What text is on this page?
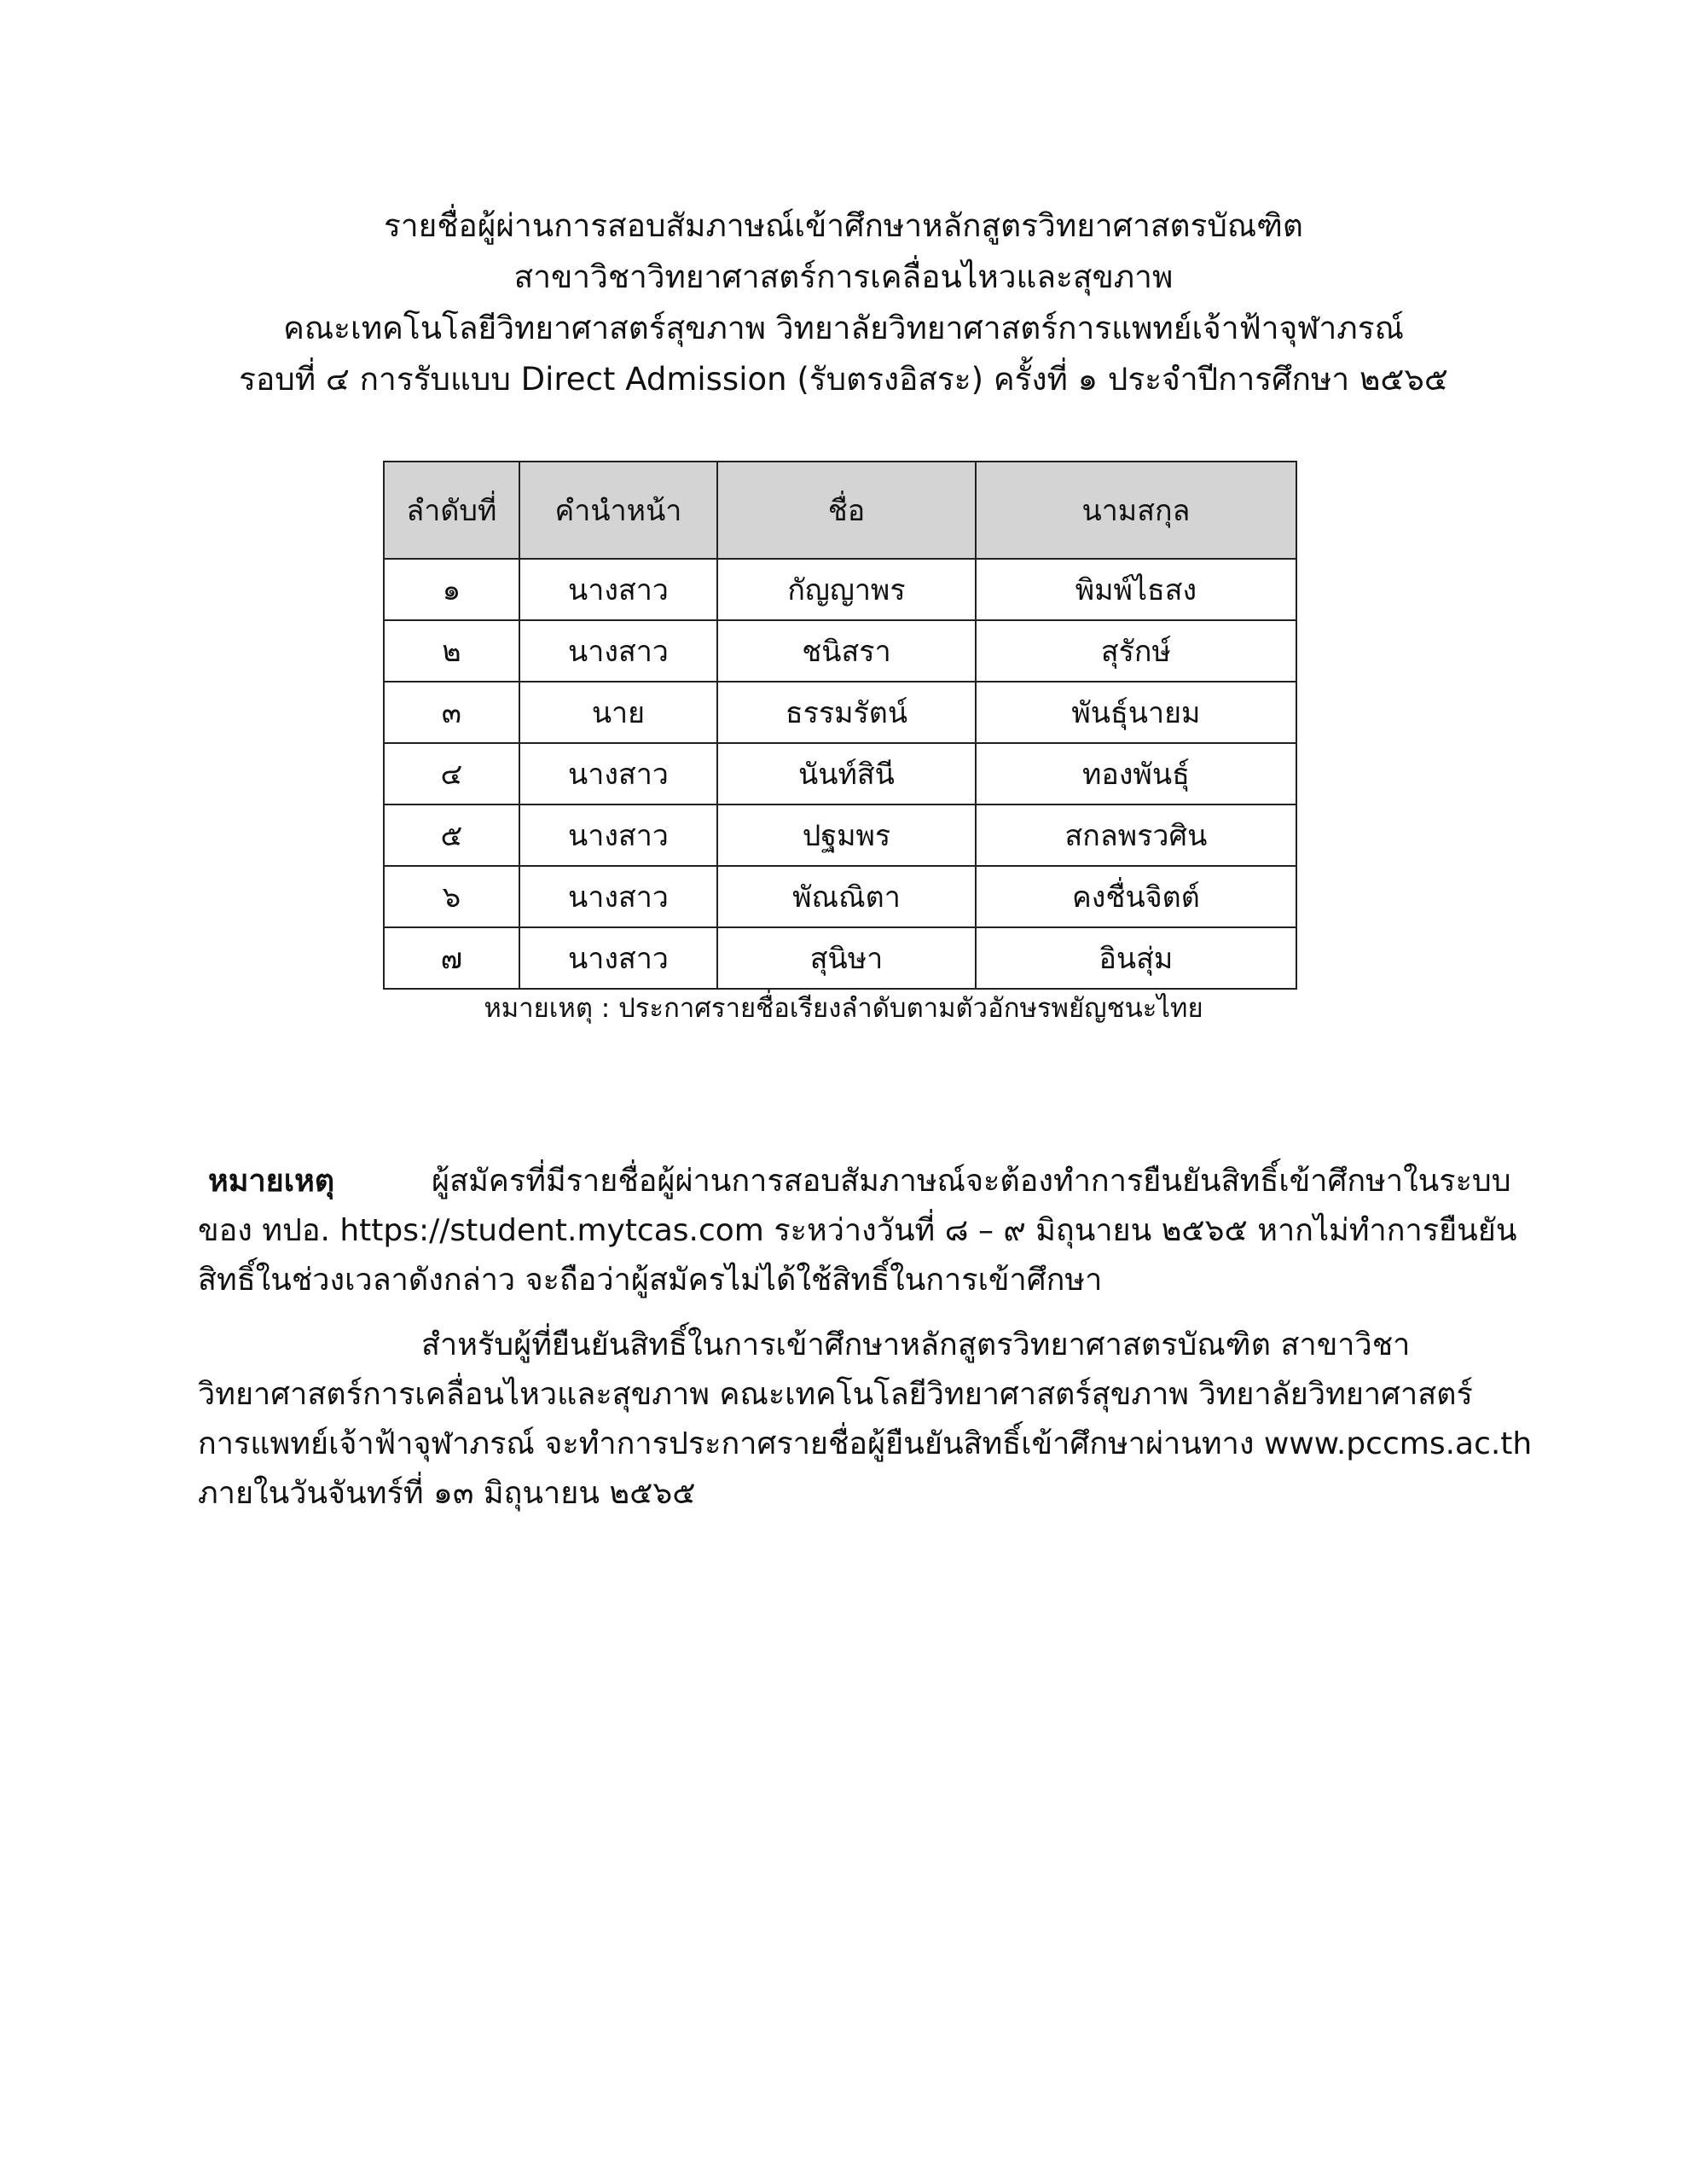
รายชื่อผู้ผ่านการสอบสัมภาษณ์เข้าศึกษาหลักสูตรวิทยาศาสตรบัณฑิต
สาขาวิชาวิทยาศาสตร์การเคลื่อนไหวและสุขภาพ
คณะเทคโนโลยีวิทยาศาสตร์สุขภาพ วิทยาลัยวิทยาศาสตร์การแพทย์เจ้าฟ้าจุฬาภรณ์
รอบที่ ๔ การรับแบบ Direct Admission (รับตรงอิสระ) ครั้งที่ ๑ ประจำปีการศึกษา ๒๕๖๕
ลำดับที่	คำนำหน้า	ชื่อ	นามสกุล
๑	นางสาว	กัญญาพร	พิมพ์ไธสง
๒	นางสาว	ชนิสรา	สุรักษ์
๓	นาย	ธรรมรัตน์	พันธุ์นายม
๔	นางสาว	นันท์สินี	ทองพันธุ์
๕	นางสาว	ปฐมพร	สกลพรวศิน
๖	นางสาว	พัณณิตา	คงชื่นจิตต์
๗	นางสาว	สุนิษา	อินสุ่ม
หมายเหตุ : ประกาศรายชื่อเรียงลำดับตามตัวอักษรพยัญชนะไทย
หมายเหตุ	ผู้สมัครที่มีรายชื่อผู้ผ่านการสอบสัมภาษณ์จะต้องทำการยืนยันสิทธิ์เข้าศึกษาในระบบ
ของ ทปอ. https://student.mytcas.com ระหว่างวันที่ ๘ – ๙ มิถุนายน ๒๕๖๕ หากไม่ทำการยืนยัน
สิทธิ์ในช่วงเวลาดังกล่าว จะถือว่าผู้สมัครไม่ได้ใช้สิทธิ์ในการเข้าศึกษา
สำหรับผู้ที่ยืนยันสิทธิ์ในการเข้าศึกษาหลักสูตรวิทยาศาสตรบัณฑิต สาขาวิชา
วิทยาศาสตร์การเคลื่อนไหวและสุขภาพ คณะเทคโนโลยีวิทยาศาสตร์สุขภาพ วิทยาลัยวิทยาศาสตร์
การแพทย์เจ้าฟ้าจุฬาภรณ์ จะทำการประกาศรายชื่อผู้ยืนยันสิทธิ์เข้าศึกษาผ่านทาง www.pccms.ac.th
ภายในวันจันทร์ที่ ๑๓ มิถุนายน ๒๕๖๕
